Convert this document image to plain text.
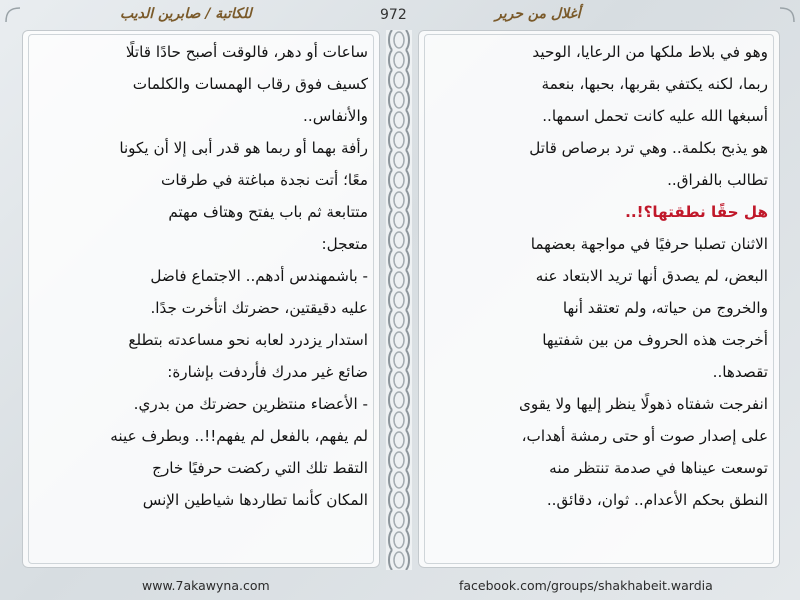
للكاتبة / صابرين الديب	972	أغلال من حرير

ساعات أو دهر، فالوقت أصبح حادًا قاتلًا

كسيف فوق رقاب الهمسات والكلمات

والأنفاس..

رأفة بهما أو ربما هو قدر أبى إلا أن يكونا

معًا؛ أتت نجدة مباغتة في طرقات

متتابعة ثم باب يفتح وهتاف مهتم

متعجل:

- باشمهندس أدهم.. الاجتماع فاضل

عليه دقيقتين، حضرتك اتأخرت جدًا.

استدار يزدرد لعابه نحو مساعدته بتطلع

ضائع غير مدرك فأردفت بإشارة:

- الأعضاء منتظرين حضرتك من بدري.

لم يفهم، بالفعل لم يفهم!!.. وبطرف عينه

التقط تلك التي ركضت حرفيًا خارج

المكان كأنما تطاردها شياطين الإنس

وهو في بلاط ملكها من الرعايا، الوحيد

ربما، لكنه يكتفي بقربها، بحبها، بنعمة

أسبغها الله عليه كانت تحمل اسمها..

هو يذبح بكلمة.. وهي ترد برصاص قاتل

تطالب بالفراق..

هل حقًا نطقتها؟!..

الاثنان تصلبا حرفيًا في مواجهة بعضهما

البعض، لم يصدق أنها تريد الابتعاد عنه

والخروج من حياته، ولم تعتقد أنها

أخرجت هذه الحروف من بين شفتيها

تقصدها..

انفرجت شفتاه ذهولًا ينظر إليها ولا يقوى

على إصدار صوت أو حتى رمشة أهداب،

توسعت عيناها في صدمة تنتظر منه

النطق بحكم الأعدام.. ثوان، دقائق..

www.7akawyna.com	facebook.com/groups/shakhabeit.wardia
